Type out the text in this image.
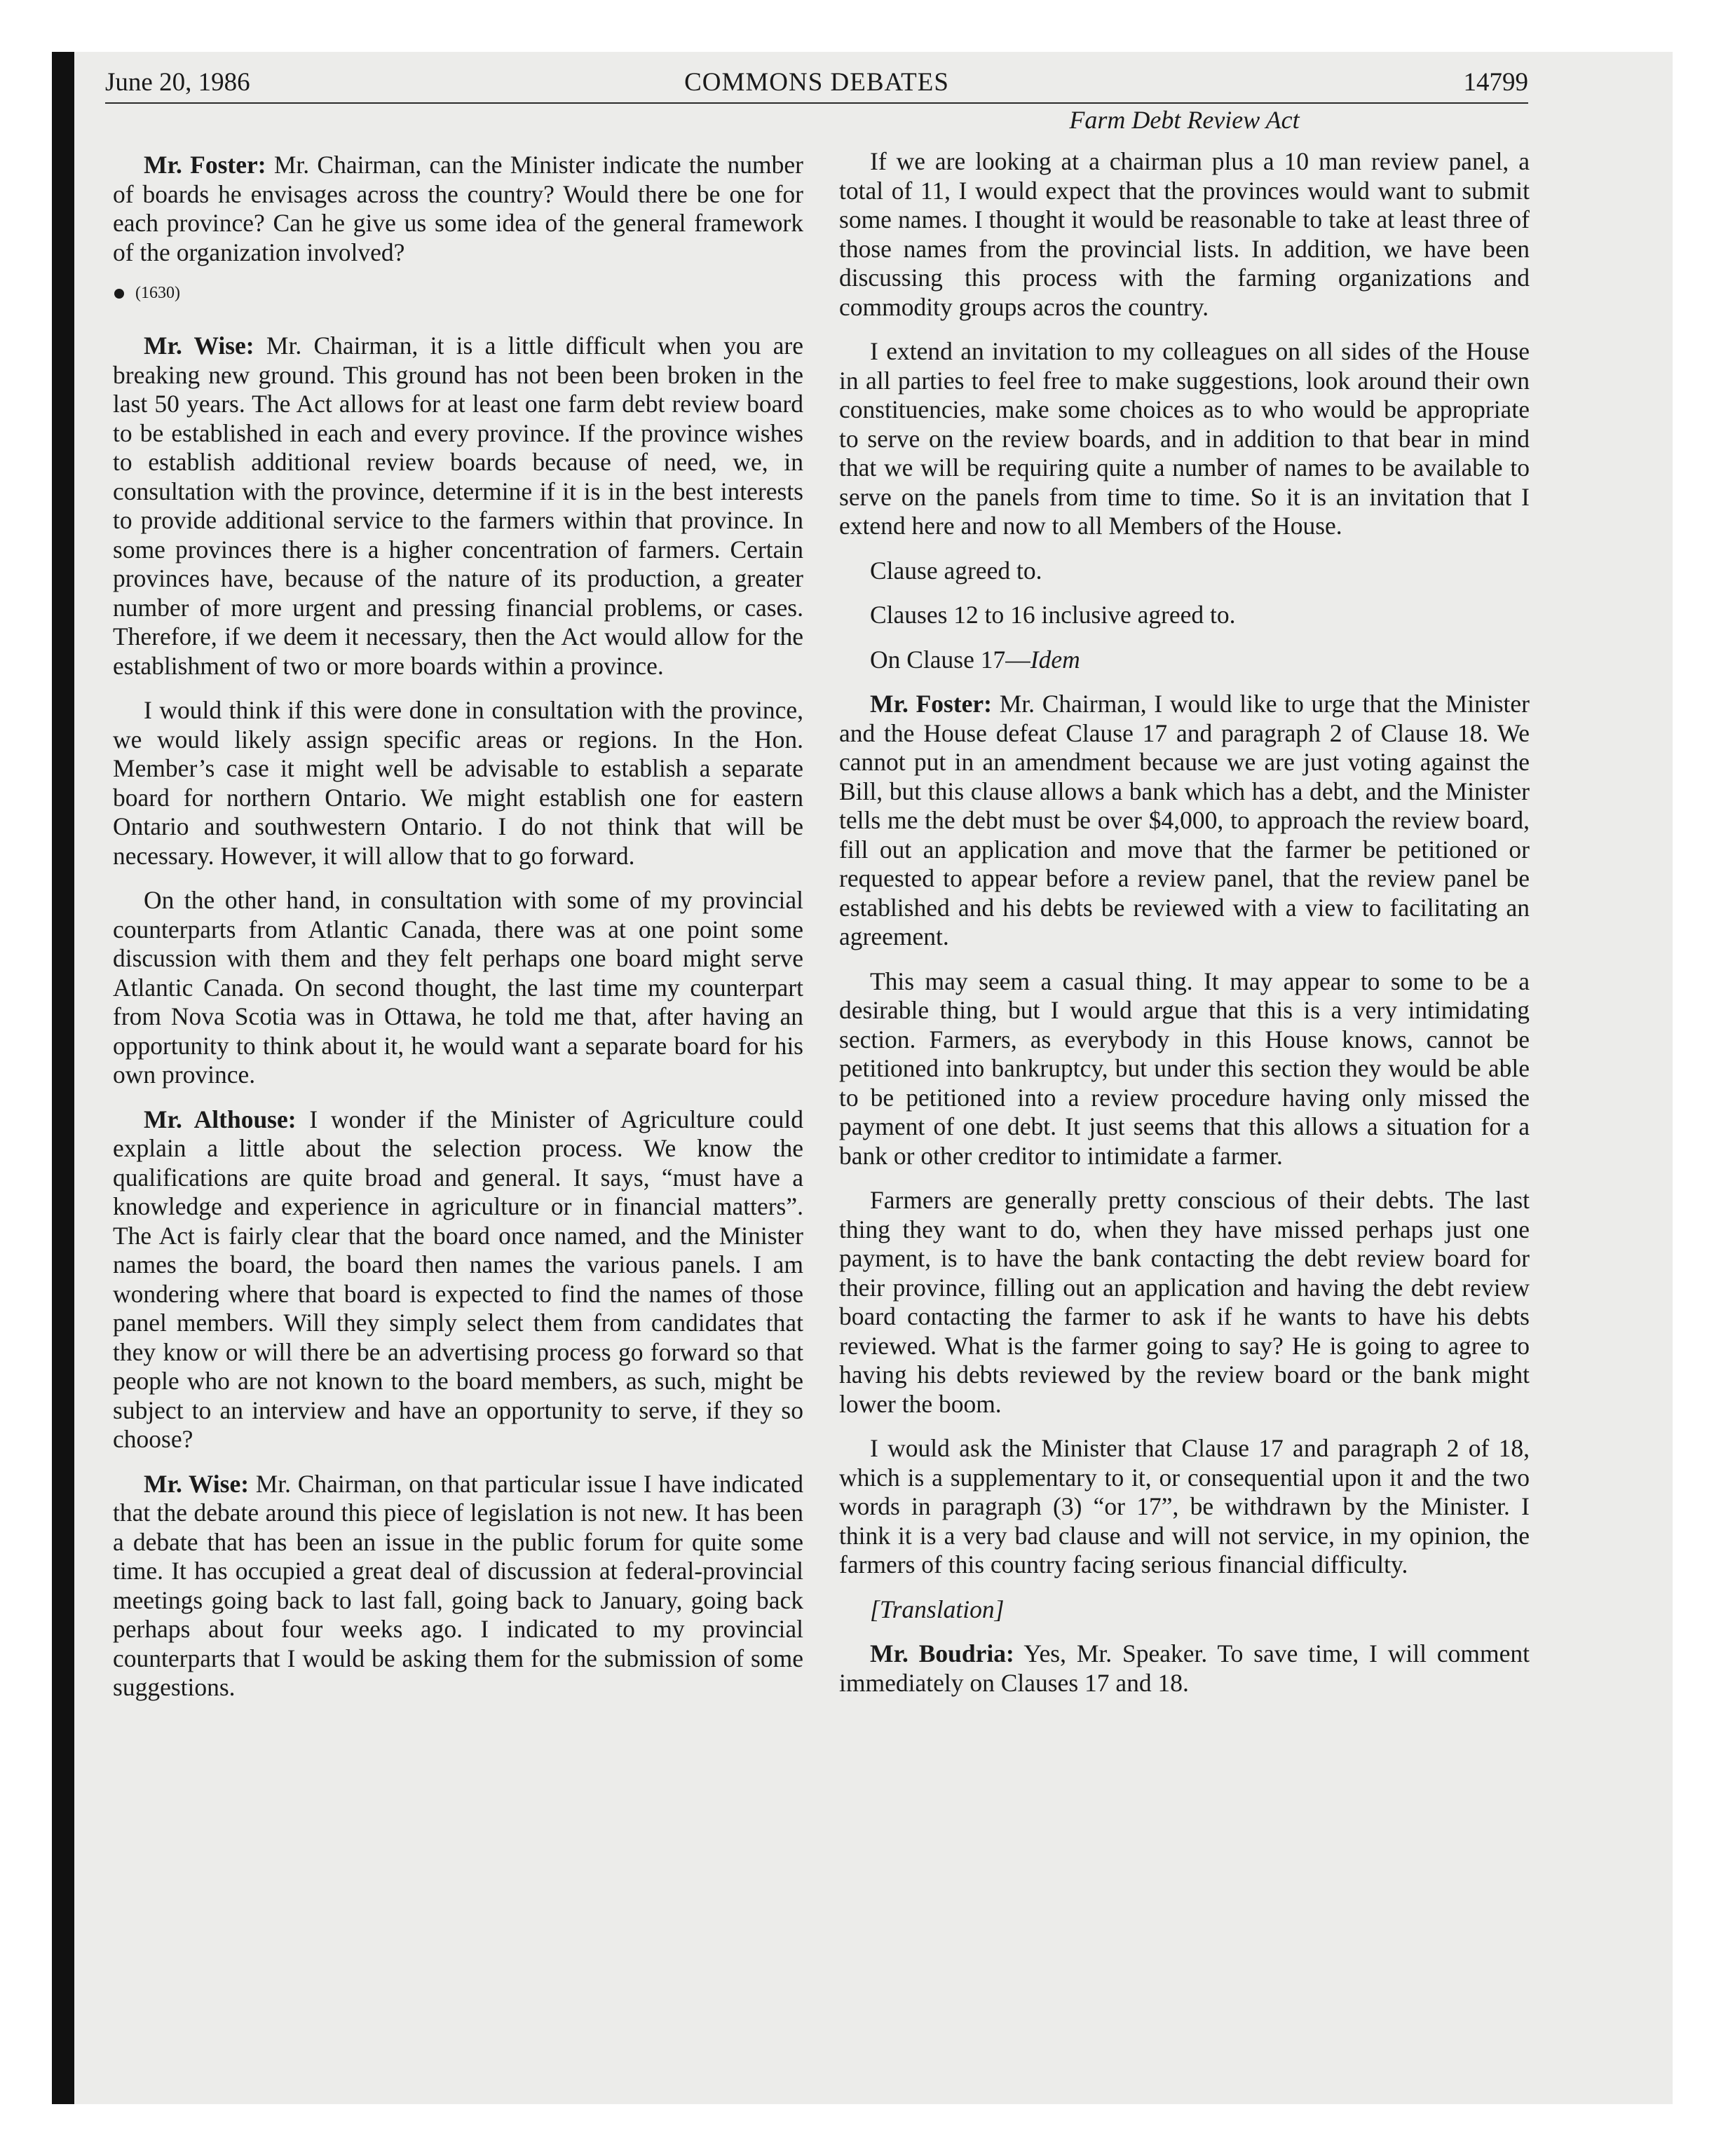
June 20, 1986	COMMONS DEBATES	14799

Mr. Foster: Mr. Chairman, can the Minister indicate the number of boards he envisages across the country? Would there be one for each province? Can he give us some idea of the general framework of the organization involved?

(1630)

Mr. Wise: Mr. Chairman, it is a little difficult when you are breaking new ground. This ground has not been been broken in the last 50 years. The Act allows for at least one farm debt review board to be established in each and every province. If the province wishes to establish additional review boards because of need, we, in consultation with the province, determine if it is in the best interests to provide additional service to the farmers within that province. In some provinces there is a higher concentration of farmers. Certain provinces have, because of the nature of its production, a greater number of more urgent and pressing financial problems, or cases. Therefore, if we deem it necessary, then the Act would allow for the establishment of two or more boards within a province.

I would think if this were done in consultation with the province, we would likely assign specific areas or regions. In the Hon. Member’s case it might well be advisable to establish a separate board for northern Ontario. We might establish one for eastern Ontario and southwestern Ontario. I do not think that will be necessary. However, it will allow that to go forward.

On the other hand, in consultation with some of my provincial counterparts from Atlantic Canada, there was at one point some discussion with them and they felt perhaps one board might serve Atlantic Canada. On second thought, the last time my counterpart from Nova Scotia was in Ottawa, he told me that, after having an opportunity to think about it, he would want a separate board for his own province.

Mr. Althouse: I wonder if the Minister of Agriculture could explain a little about the selection process. We know the qualifications are quite broad and general. It says, “must have a knowledge and experience in agriculture or in financial matters”. The Act is fairly clear that the board once named, and the Minister names the board, the board then names the various panels. I am wondering where that board is expected to find the names of those panel members. Will they simply select them from candidates that they know or will there be an advertising process go forward so that people who are not known to the board members, as such, might be subject to an interview and have an opportunity to serve, if they so choose?

Mr. Wise: Mr. Chairman, on that particular issue I have indicated that the debate around this piece of legislation is not new. It has been a debate that has been an issue in the public forum for quite some time. It has occupied a great deal of discussion at federal-provincial meetings going back to last fall, going back to January, going back perhaps about four weeks ago. I indicated to my provincial counterparts that I would be asking them for the submission of some suggestions.

Farm Debt Review Act

If we are looking at a chairman plus a 10 man review panel, a total of 11, I would expect that the provinces would want to submit some names. I thought it would be reasonable to take at least three of those names from the provincial lists. In addition, we have been discussing this process with the farming organizations and commodity groups acros the country.

I extend an invitation to my colleagues on all sides of the House in all parties to feel free to make suggestions, look around their own constituencies, make some choices as to who would be appropriate to serve on the review boards, and in addition to that bear in mind that we will be requiring quite a number of names to be available to serve on the panels from time to time. So it is an invitation that I extend here and now to all Members of the House.

Clause agreed to.

Clauses 12 to 16 inclusive agreed to.

On Clause 17—Idem

Mr. Foster: Mr. Chairman, I would like to urge that the Minister and the House defeat Clause 17 and paragraph 2 of Clause 18. We cannot put in an amendment because we are just voting against the Bill, but this clause allows a bank which has a debt, and the Minister tells me the debt must be over $4,000, to approach the review board, fill out an application and move that the farmer be petitioned or requested to appear before a review panel, that the review panel be established and his debts be reviewed with a view to facilitating an agreement.

This may seem a casual thing. It may appear to some to be a desirable thing, but I would argue that this is a very intimidating section. Farmers, as everybody in this House knows, cannot be petitioned into bankruptcy, but under this section they would be able to be petitioned into a review procedure having only missed the payment of one debt. It just seems that this allows a situation for a bank or other creditor to intimidate a farmer.

Farmers are generally pretty conscious of their debts. The last thing they want to do, when they have missed perhaps just one payment, is to have the bank contacting the debt review board for their province, filling out an application and having the debt review board contacting the farmer to ask if he wants to have his debts reviewed. What is the farmer going to say? He is going to agree to having his debts reviewed by the review board or the bank might lower the boom.

I would ask the Minister that Clause 17 and paragraph 2 of 18, which is a supplementary to it, or consequential upon it and the two words in paragraph (3) “or 17”, be withdrawn by the Minister. I think it is a very bad clause and will not service, in my opinion, the farmers of this country facing serious financial difficulty.

[Translation]

Mr. Boudria: Yes, Mr. Speaker. To save time, I will comment immediately on Clauses 17 and 18.
